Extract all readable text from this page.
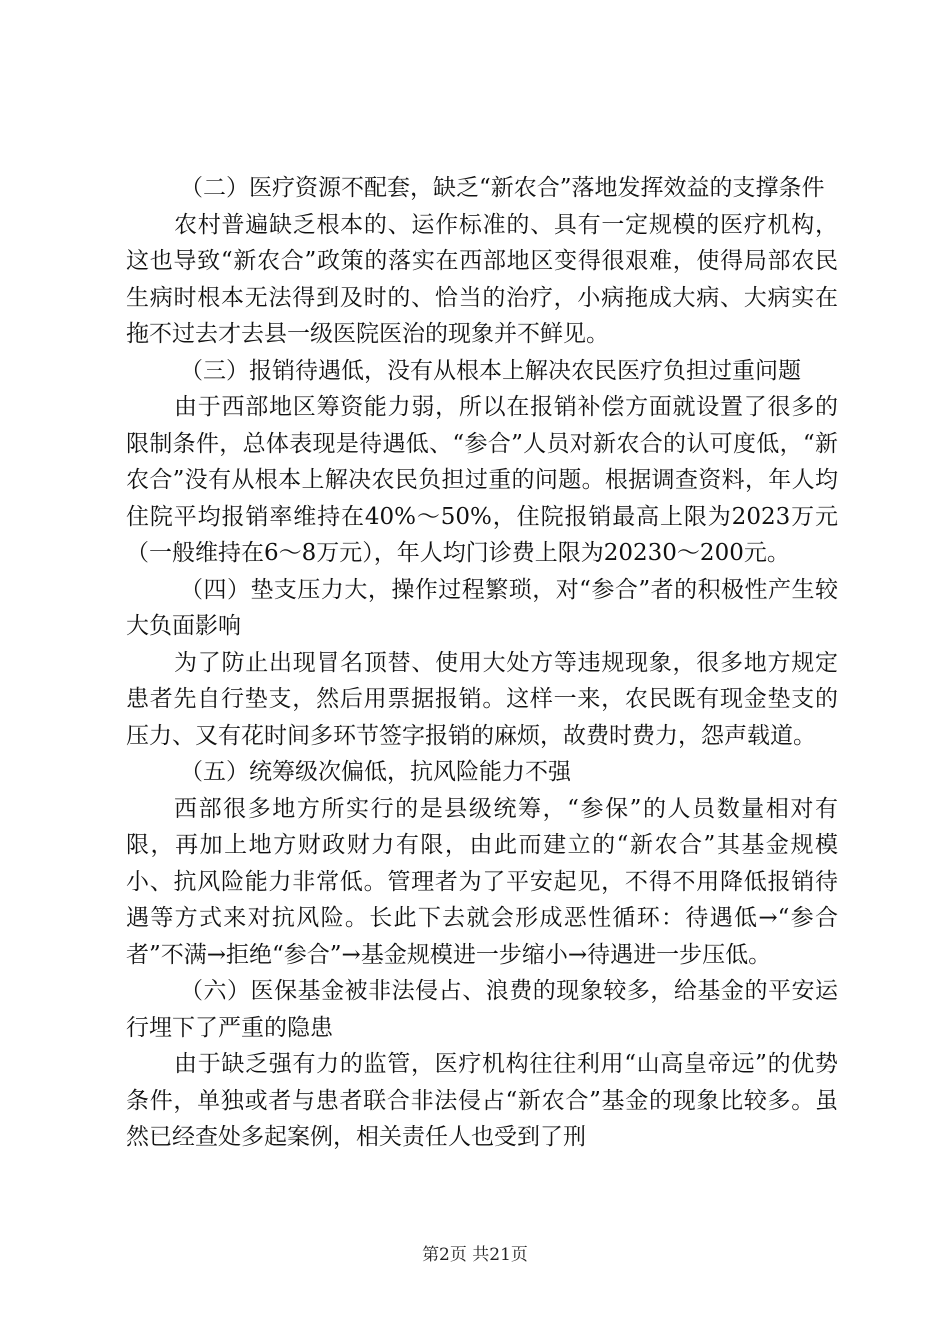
（二）医疗资源不配套，缺乏“新农合”落地发挥效益的支撑条件

农村普遍缺乏根本的、运作标准的、具有一定规模的医疗机构，这也导致“新农合”政策的落实在西部地区变得很艰难，使得局部农民生病时根本无法得到及时的、恰当的治疗，小病拖成大病、大病实在拖不过去才去县一级医院医治的现象并不鲜见。

（三）报销待遇低，没有从根本上解决农民医疗负担过重问题

由于西部地区筹资能力弱，所以在报销补偿方面就设置了很多的限制条件，总体表现是待遇低、“参合”人员对新农合的认可度低，“新农合”没有从根本上解决农民负担过重的问题。根据调查资料，年人均住院平均报销率维持在40%～50%，住院报销最高上限为2023万元（一般维持在6～8万元），年人均门诊费上限为20230～200元。

（四）垫支压力大，操作过程繁琐，对“参合”者的积极性产生较大负面影响

为了防止出现冒名顶替、使用大处方等违规现象，很多地方规定患者先自行垫支，然后用票据报销。这样一来，农民既有现金垫支的压力、又有花时间多环节签字报销的麻烦，故费时费力，怨声载道。

（五）统筹级次偏低，抗风险能力不强

西部很多地方所实行的是县级统筹，“参保”的人员数量相对有限，再加上地方财政财力有限，由此而建立的“新农合”其基金规模小、抗风险能力非常低。管理者为了平安起见，不得不用降低报销待遇等方式来对抗风险。长此下去就会形成恶性循环：待遇低→“参合者”不满→拒绝“参合”→基金规模进一步缩小→待遇进一步压低。

（六）医保基金被非法侵占、浪费的现象较多，给基金的平安运行埋下了严重的隐患

由于缺乏强有力的监管，医疗机构往往利用“山高皇帝远”的优势条件，单独或者与患者联合非法侵占“新农合”基金的现象比较多。虽然已经查处多起案例，相关责任人也受到了刑

第2页 共21页
